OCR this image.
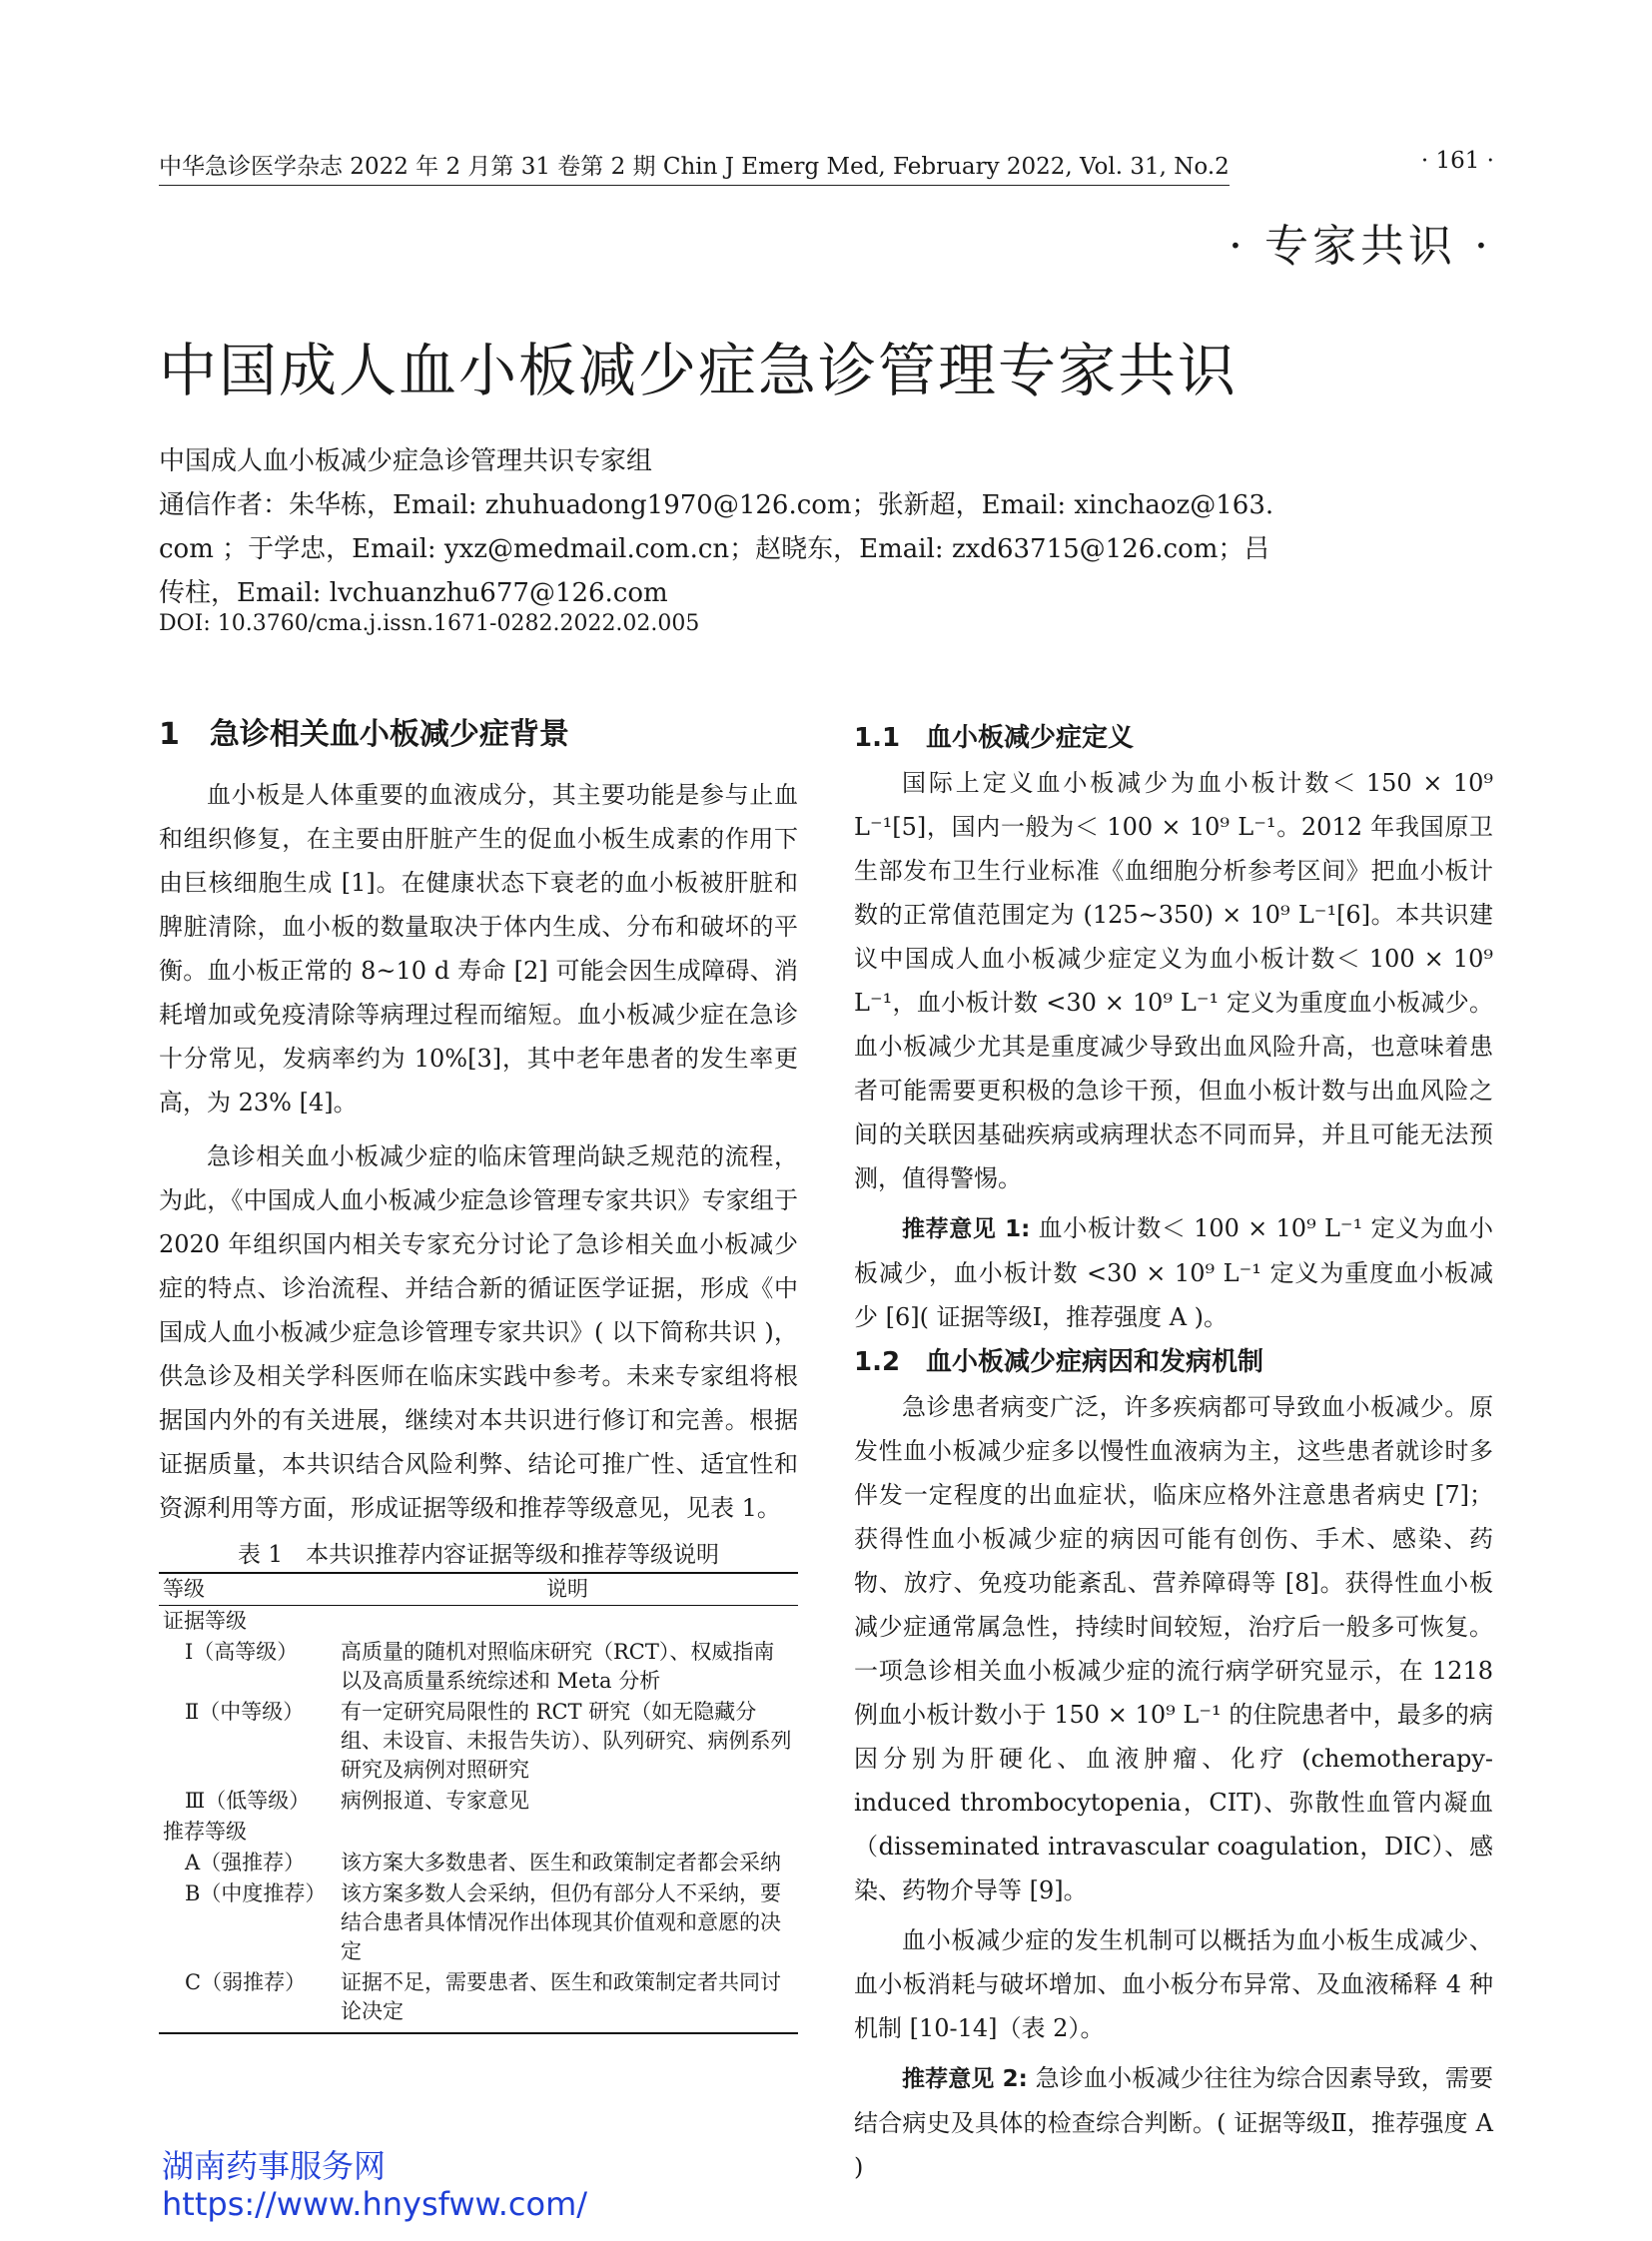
中华急诊医学杂志 2022 年 2 月第 31 卷第 2 期 Chin J Emerg Med, February 2022, Vol. 31, No.2	· 161 ·
· 专家共识 ·
中国成人血小板减少症急诊管理专家共识
中国成人血小板减少症急诊管理共识专家组
通信作者：朱华栋，Email: zhuhuadong1970@126.com；张新超，Email: xinchaoz@163.
com ；于学忠，Email: yxz@medmail.com.cn；赵晓东，Email: zxd63715@126.com；吕
传柱，Email: lvchuanzhu677@126.com
DOI: 10.3760/cma.j.issn.1671-0282.2022.02.005
1　急诊相关血小板减少症背景

血小板是人体重要的血液成分，其主要功能是参与止血和组织修复，在主要由肝脏产生的促血小板生成素的作用下由巨核细胞生成 [1]。在健康状态下衰老的血小板被肝脏和脾脏清除，血小板的数量取决于体内生成、分布和破坏的平衡。血小板正常的 8~10 d 寿命 [2] 可能会因生成障碍、消耗增加或免疫清除等病理过程而缩短。血小板减少症在急诊十分常见，发病率约为 10%[3]，其中老年患者的发生率更高，为 23% [4]。

急诊相关血小板减少症的临床管理尚缺乏规范的流程，为此，《中国成人血小板减少症急诊管理专家共识》专家组于 2020 年组织国内相关专家充分讨论了急诊相关血小板减少症的特点、诊治流程、并结合新的循证医学证据，形成《中国成人血小板减少症急诊管理专家共识》( 以下简称共识 )，供急诊及相关学科医师在临床实践中参考。未来专家组将根据国内外的有关进展，继续对本共识进行修订和完善。根据证据质量，本共识结合风险利弊、结论可推广性、适宜性和资源利用等方面，形成证据等级和推荐等级意见，见表 1。

表 1　本共识推荐内容证据等级和推荐等级说明
等级	说明
证据等级	
Ⅰ（高等级）	高质量的随机对照临床研究（RCT）、权威指南以及高质量系统综述和 Meta 分析
Ⅱ（中等级）	有一定研究局限性的 RCT 研究（如无隐藏分组、未设盲、未报告失访）、队列研究、病例系列研究及病例对照研究
Ⅲ（低等级）	病例报道、专家意见
推荐等级	
A（强推荐）	该方案大多数患者、医生和政策制定者都会采纳
B（中度推荐）	该方案多数人会采纳，但仍有部分人不采纳，要结合患者具体情况作出体现其价值观和意愿的决定
C（弱推荐）	证据不足，需要患者、医生和政策制定者共同讨论决定
1.1　血小板减少症定义

国际上定义血小板减少为血小板计数＜ 150 × 10⁹ L⁻¹[5]，国内一般为＜ 100 × 10⁹ L⁻¹。2012 年我国原卫生部发布卫生行业标准《血细胞分析参考区间》把血小板计数的正常值范围定为 (125~350) × 10⁹ L⁻¹[6]。本共识建议中国成人血小板减少症定义为血小板计数＜ 100 × 10⁹ L⁻¹，血小板计数 <30 × 10⁹ L⁻¹ 定义为重度血小板减少。血小板减少尤其是重度减少导致出血风险升高，也意味着患者可能需要更积极的急诊干预，但血小板计数与出血风险之间的关联因基础疾病或病理状态不同而异，并且可能无法预测，值得警惕。

推荐意见 1: 血小板计数＜ 100 × 10⁹ L⁻¹ 定义为血小板减少，血小板计数 <30 × 10⁹ L⁻¹ 定义为重度血小板减少 [6]( 证据等级Ⅰ，推荐强度 A )。

1.2　血小板减少症病因和发病机制

急诊患者病变广泛，许多疾病都可导致血小板减少。原发性血小板减少症多以慢性血液病为主，这些患者就诊时多伴发一定程度的出血症状，临床应格外注意患者病史 [7]；获得性血小板减少症的病因可能有创伤、手术、感染、药物、放疗、免疫功能紊乱、营养障碍等 [8]。获得性血小板减少症通常属急性，持续时间较短，治疗后一般多可恢复。一项急诊相关血小板减少症的流行病学研究显示，在 1218 例血小板计数小于 150 × 10⁹ L⁻¹ 的住院患者中，最多的病因分别为肝硬化、血液肿瘤、化疗 (chemotherapy-induced thrombocytopenia，CIT)、弥散性血管内凝血（disseminated intravascular coagulation，DIC）、感染、药物介导等 [9]。

血小板减少症的发生机制可以概括为血小板生成减少、血小板消耗与破坏增加、血小板分布异常、及血液稀释 4 种机制 [10-14]（表 2）。

推荐意见 2: 急诊血小板减少往往为综合因素导致，需要结合病史及具体的检查综合判断。( 证据等级Ⅱ，推荐强度 A )

湖南药事服务网
https://www.hnysfww.com/
